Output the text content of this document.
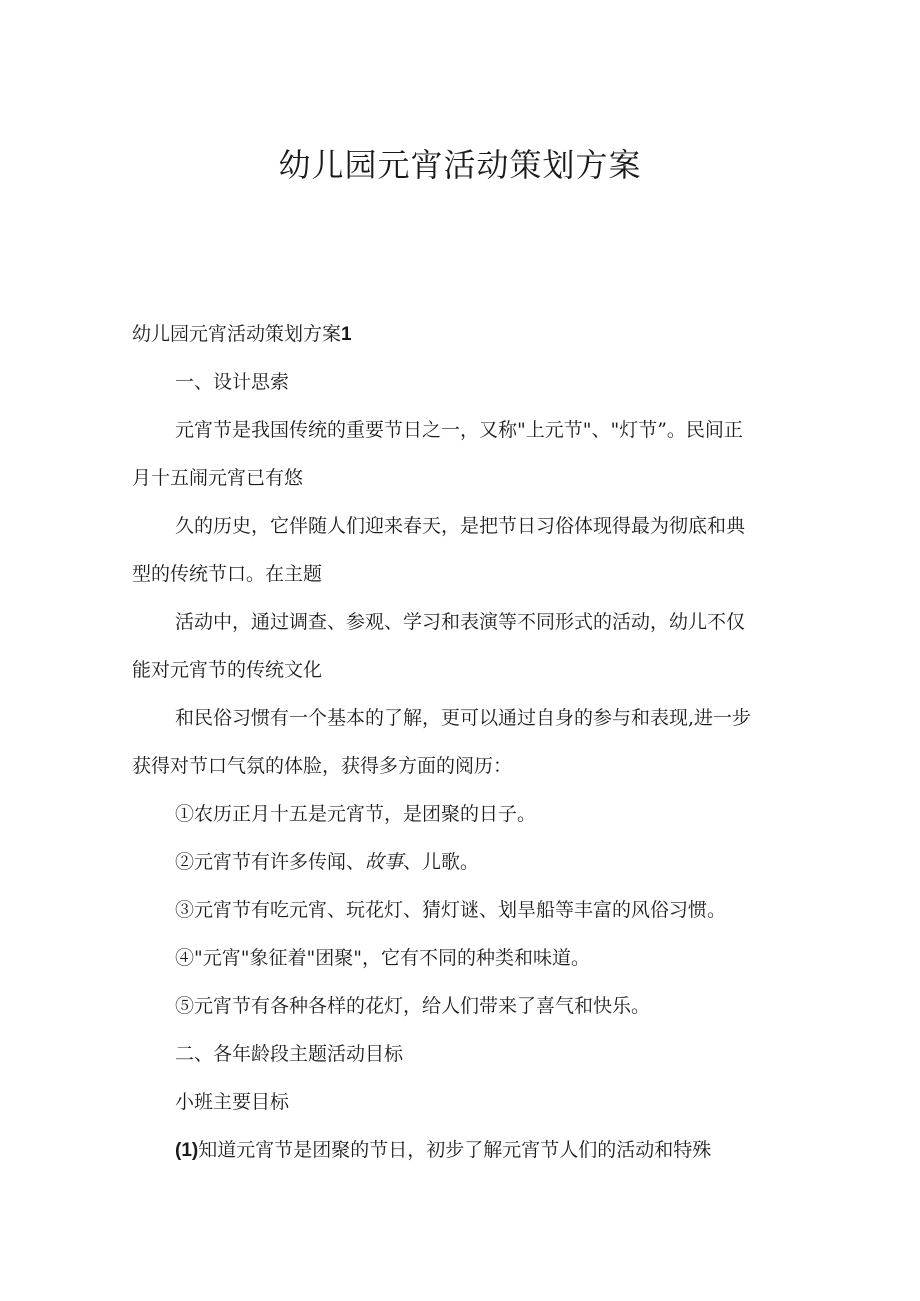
幼儿园元宵活动策划方案
幼儿园元宵活动策划方案1
一、设计思索
元宵节是我国传统的重要节日之一，又称"上元节"、"灯节”。民间正
月十五闹元宵已有悠
久的历史，它伴随人们迎来春天，是把节日习俗体现得最为彻底和典
型的传统节口。在主题
活动中，通过调查、参观、学习和表演等不同形式的活动，幼儿不仅
能对元宵节的传统文化
和民俗习惯有一个基本的了解，更可以通过自身的参与和表现,进一步
获得对节口气氛的体脸，获得多方面的阅历：
①农历正月十五是元宵节，是团聚的日子。
②元宵节有许多传闻、故事、儿歌。
③元宵节有吃元宵、玩花灯、猜灯谜、划旱船等丰富的风俗习惯。
④"元宵"象征着"团聚"，它有不同的种类和味道。
⑤元宵节有各种各样的花灯，给人们带来了喜气和快乐。
二、各年龄段主题活动目标
小班主要目标
(1)知道元宵节是团聚的节日，初步了解元宵节人们的活动和特殊
